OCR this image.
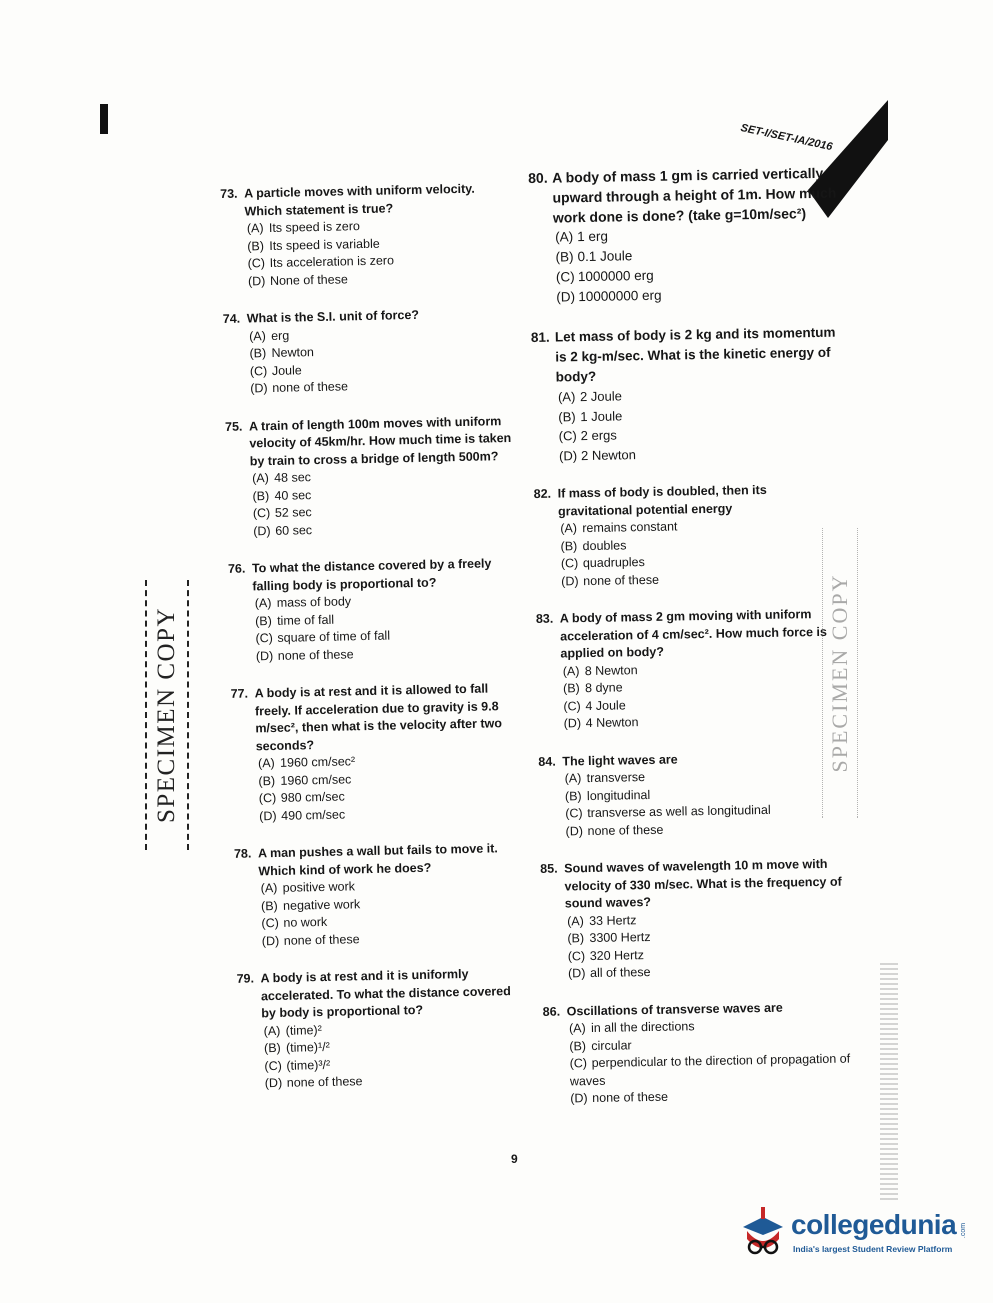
SET-I/SET-IA/2016
73. A particle moves with uniform velocity. Which statement is true?
(A) Its speed is zero
(B) Its speed is variable
(C) Its acceleration is zero
(D) None of these
74. What is the S.I. unit of force?
(A) erg
(B) Newton
(C) Joule
(D) none of these
75. A train of length 100m moves with uniform velocity of 45km/hr. How much time is taken by train to cross a bridge of length 500m?
(A) 48 sec
(B) 40 sec
(C) 52 sec
(D) 60 sec
76. To what the distance covered by a freely falling body is proportional to?
(A) mass of body
(B) time of fall
(C) square of time of fall
(D) none of these
77. A body is at rest and it is allowed to fall freely. If acceleration due to gravity is 9.8 m/sec², then what is the velocity after two seconds?
(A) 1960 cm/sec²
(B) 1960 cm/sec
(C) 980 cm/sec
(D) 490 cm/sec
78. A man pushes a wall but fails to move it. Which kind of work he does?
(A) positive work
(B) negative work
(C) no work
(D) none of these
79. A body is at rest and it is uniformly accelerated. To what the distance covered by body is proportional to?
(A) (time)²
(B) (time)¹/²
(C) (time)³/²
(D) none of these
80. A body of mass 1 gm is carried vertically upward through a height of 1m. How much work done is done? (take g=10m/sec²)
(A) 1 erg
(B) 0.1 Joule
(C) 1000000 erg
(D) 10000000 erg
81. Let mass of body is 2 kg and its momentum is 2 kg-m/sec. What is the kinetic energy of body?
(A) 2 Joule
(B) 1 Joule
(C) 2 ergs
(D) 2 Newton
82. If mass of body is doubled, then its gravitational potential energy
(A) remains constant
(B) doubles
(C) quadruples
(D) none of these
83. A body of mass 2 gm moving with uniform acceleration of 4 cm/sec². How much force is applied on body?
(A) 8 Newton
(B) 8 dyne
(C) 4 Joule
(D) 4 Newton
84. The light waves are
(A) transverse
(B) longitudinal
(C) transverse as well as longitudinal
(D) none of these
85. Sound waves of wavelength 10 m move with velocity of 330 m/sec. What is the frequency of sound waves?
(A) 33 Hertz
(B) 3300 Hertz
(C) 320 Hertz
(D) all of these
86. Oscillations of transverse waves are
(A) in all the directions
(B) circular
(C) perpendicular to the direction of propagation of waves
(D) none of these
SPECIMEN COPY	SPECIMEN COPY
9
collegedunia .com
India's largest Student Review Platform
